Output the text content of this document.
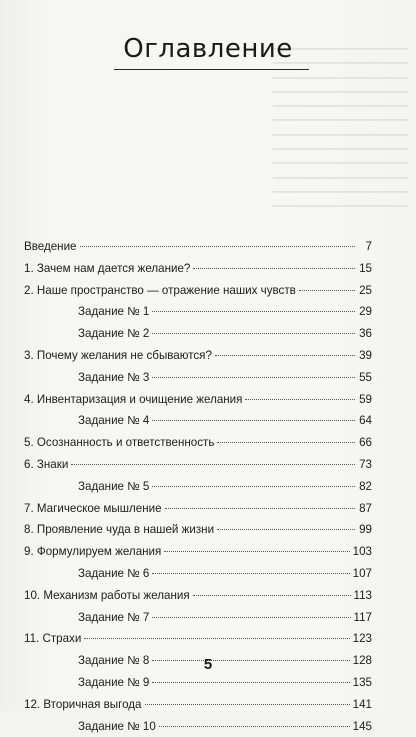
━━━━━━━━━━━━━━━━━━━━━━━━━
━━━━━━━━━━━━━━━━━━━━━━━━━
━━━━━━━━━━━━━━━━━━━━━━━━━
━━━━━━━━━━━━━━━━━━━━━━━━━
━━━━━━━━━━━━━━━━━━━━━━━━━
━━━━━━━━━━━━━━━━━━━━━━━━━
━━━━━━━━━━━━━━━━━━━━━━━━━
━━━━━━━━━━━━━━━━━━━━━━━━━
━━━━━━━━━━━━━━━━━━━━━━━━━
━━━━━━━━━━━━━━━━━━━━━━━━━
━━━━━━━━━━━━━━━━━━━━━━━━━
━━━━━━━━━━━━━━━━━━━━━━━━━
Оглавление
Введение	7
1. Зачем нам дается желание?	15
2. Наше пространство — отражение наших чувств	25
Задание № 1	29
Задание № 2	36
3. Почему желания не сбываются?	39
Задание № 3	55
4. Инвентаризация и очищение желания	59
Задание № 4	64
5. Осознанность и ответственность	66
6. Знаки	73
Задание № 5	82
7. Магическое мышление	87
8. Проявление чуда в нашей жизни	99
9. Формулируем желания	103
Задание № 6	107
10. Механизм работы желания	113
Задание № 7	117
11. Страхи	123
Задание № 8	128
Задание № 9	135
12. Вторичная выгода	141
Задание № 10	145
5
